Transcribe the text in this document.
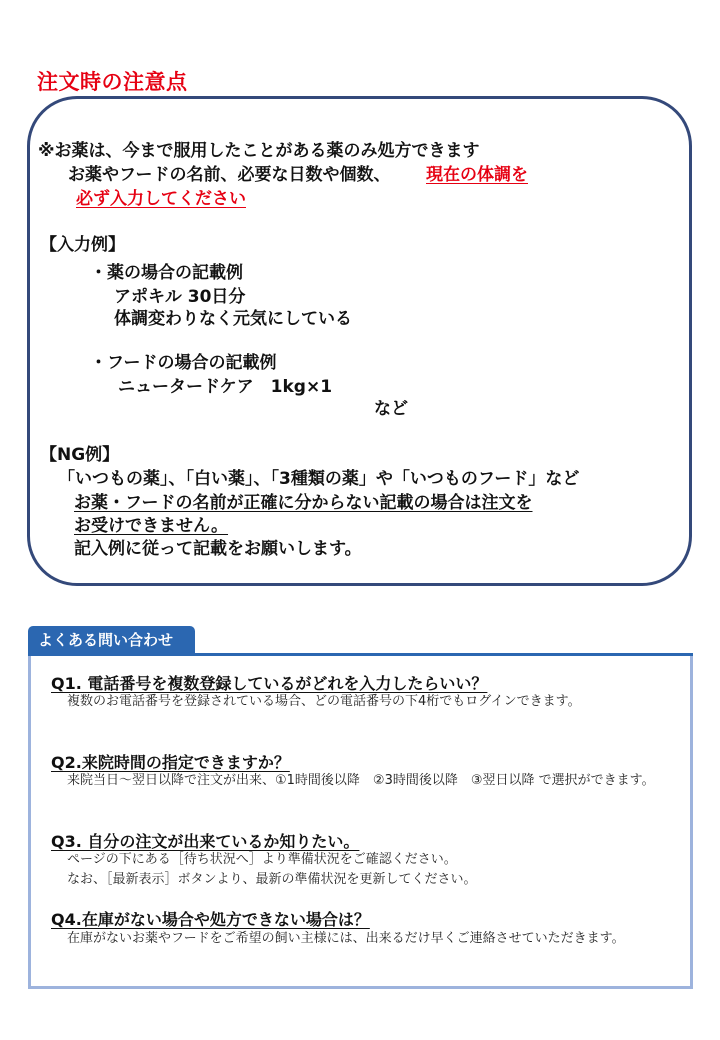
注文時の注意点
※お薬は、今まで服用したことがある薬のみ処方できます
お薬やフードの名前、必要な日数や個数、 現在の体調を
必ず入力してください
【入力例】
・薬の場合の記載例
アポキル 30日分
体調変わりなく元気にしている
・フードの場合の記載例
ニュータードケア　1kg×1
など
【NG例】
「いつもの薬」、「白い薬」、「3種類の薬」や「いつものフード」など
お薬・フードの名前が正確に分からない記載の場合は注文を
お受けできません。
記入例に従って記載をお願いします。
よくある問い合わせ
Q1. 電話番号を複数登録しているがどれを入力したらいい？
複数のお電話番号を登録されている場合、どの電話番号の下4桁でもログインできます。
Q2.来院時間の指定できますか？
来院当日～翌日以降で注文が出来、①1時間後以降　②3時間後以降　③翌日以降 で選択ができます。
Q3. 自分の注文が出来ているか知りたい。
ページの下にある［待ち状況へ］より準備状況をご確認ください。
なお、［最新表示］ボタンより、最新の準備状況を更新してください。
Q4.在庫がない場合や処方できない場合は？
在庫がないお薬やフードをご希望の飼い主様には、出来るだけ早くご連絡させていただきます。
